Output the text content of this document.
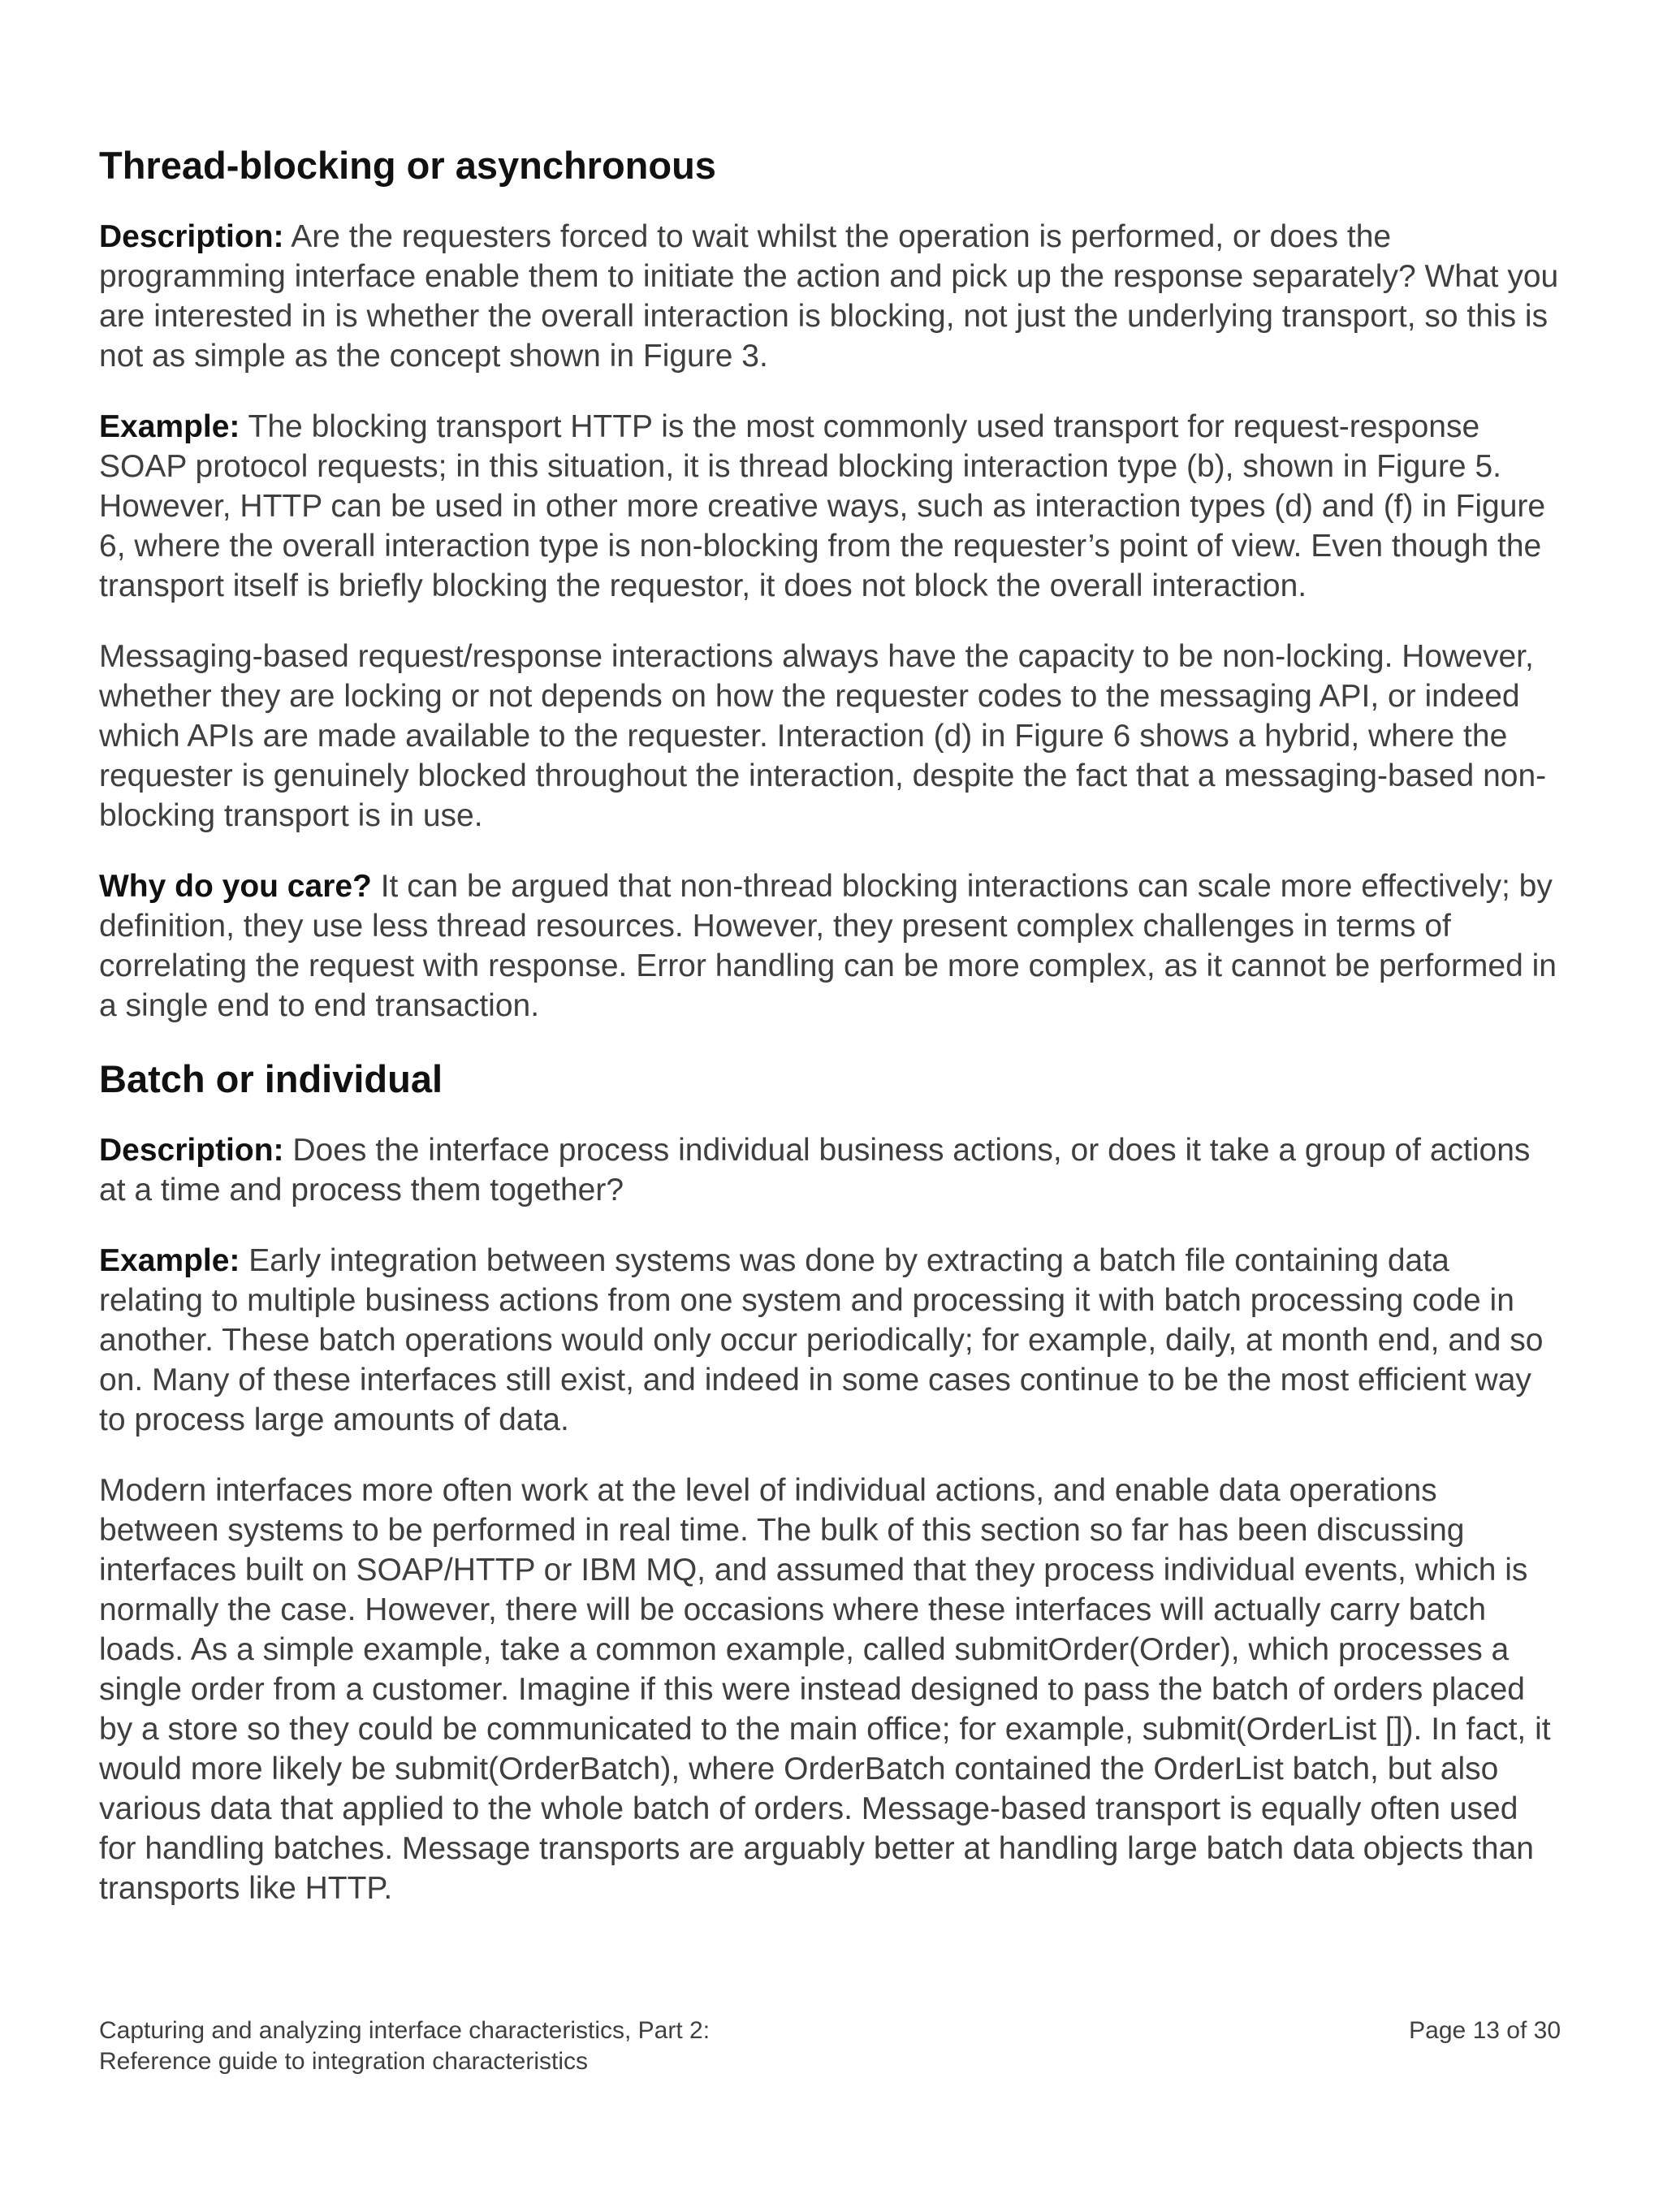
Thread-blocking or asynchronous

Description: Are the requesters forced to wait whilst the operation is performed, or does the programming interface enable them to initiate the action and pick up the response separately? What you are interested in is whether the overall interaction is blocking, not just the underlying transport, so this is not as simple as the concept shown in Figure 3.

Example: The blocking transport HTTP is the most commonly used transport for request-response SOAP protocol requests; in this situation, it is thread blocking interaction type (b), shown in Figure 5. However, HTTP can be used in other more creative ways, such as interaction types (d) and (f) in Figure 6, where the overall interaction type is non-blocking from the requester’s point of view. Even though the transport itself is briefly blocking the requestor, it does not block the overall interaction.

Messaging-based request/response interactions always have the capacity to be non-locking. However, whether they are locking or not depends on how the requester codes to the messaging API, or indeed which APIs are made available to the requester. Interaction (d) in Figure 6 shows a hybrid, where the requester is genuinely blocked throughout the interaction, despite the fact that a messaging-based non-blocking transport is in use.

Why do you care? It can be argued that non-thread blocking interactions can scale more effectively; by definition, they use less thread resources. However, they present complex challenges in terms of correlating the request with response. Error handling can be more complex, as it cannot be performed in a single end to end transaction.

Batch or individual

Description: Does the interface process individual business actions, or does it take a group of actions at a time and process them together?

Example: Early integration between systems was done by extracting a batch file containing data relating to multiple business actions from one system and processing it with batch processing code in another. These batch operations would only occur periodically; for example, daily, at month end, and so on. Many of these interfaces still exist, and indeed in some cases continue to be the most efficient way to process large amounts of data.

Modern interfaces more often work at the level of individual actions, and enable data operations between systems to be performed in real time. The bulk of this section so far has been discussing interfaces built on SOAP/HTTP or IBM MQ, and assumed that they process individual events, which is normally the case. However, there will be occasions where these interfaces will actually carry batch loads. As a simple example, take a common example, called submitOrder(Order), which processes a single order from a customer. Imagine if this were instead designed to pass the batch of orders placed by a store so they could be communicated to the main office; for example, submit(OrderList []). In fact, it would more likely be submit(OrderBatch), where OrderBatch contained the OrderList batch, but also various data that applied to the whole batch of orders. Message-based transport is equally often used for handling batches. Message transports are arguably better at handling large batch data objects than transports like HTTP.

Capturing and analyzing interface characteristics, Part 2:
Reference guide to integration characteristics
Page 13 of 30
